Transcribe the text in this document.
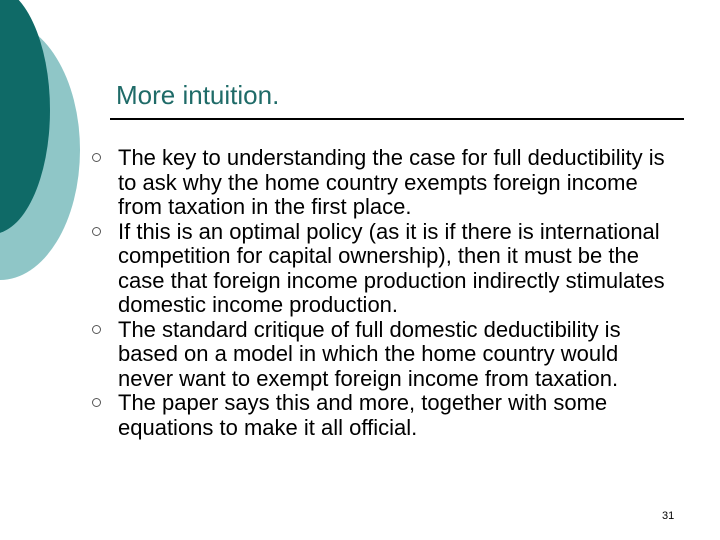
More intuition.
The key to understanding the case for full deductibility is to ask why the home country exempts foreign income from taxation in the first place.
If this is an optimal policy (as it is if there is international competition for capital ownership), then it must be the case that foreign income production indirectly stimulates domestic income production.
The standard critique of full domestic deductibility is based on a model in which the home country would never want to exempt foreign income from taxation.
The paper says this and more, together with some equations to make it all official.
31
